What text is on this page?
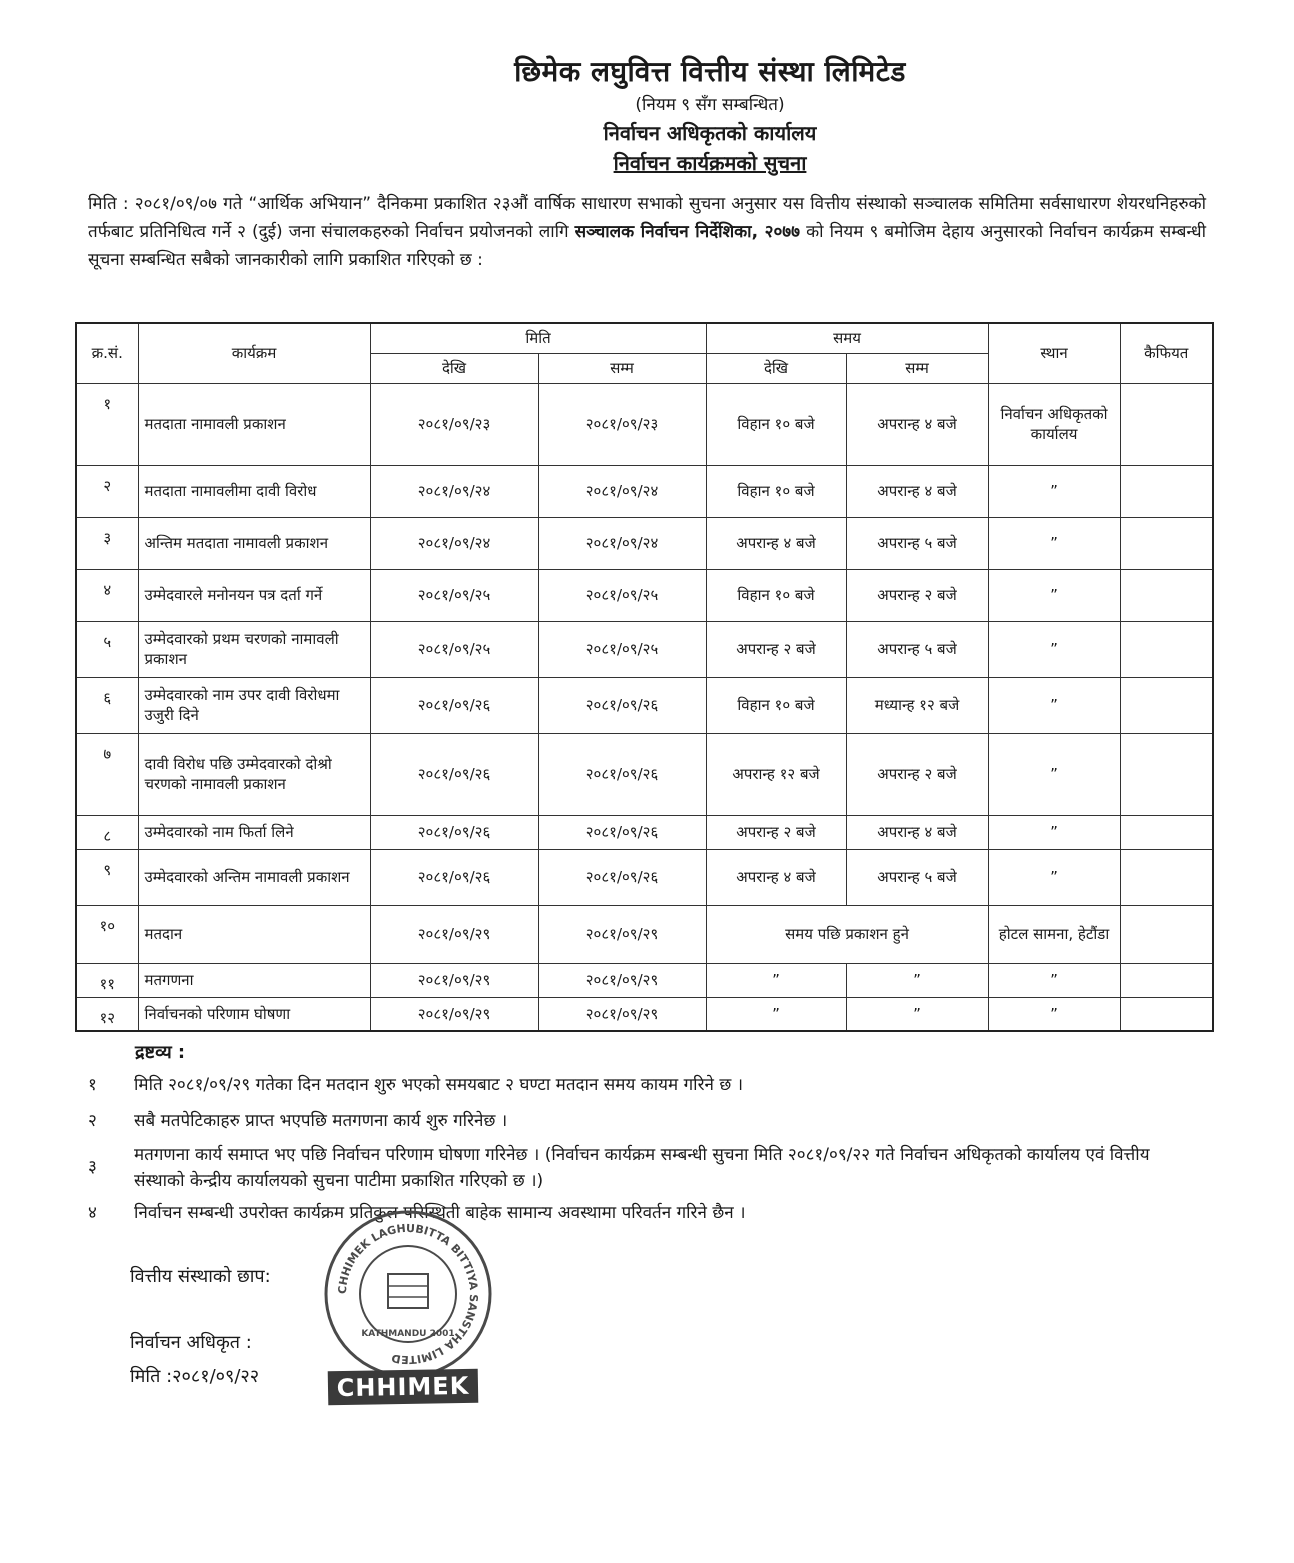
छिमेक लघुवित्त वित्तीय संस्था लिमिटेड
(नियम ९ सँग सम्बन्धित)
निर्वाचन अधिकृतको कार्यालय
निर्वाचन कार्यक्रमको सुचना
मिति : २०८१/०९/०७ गते “आर्थिक अभियान” दैनिकमा प्रकाशित २३औं वार्षिक साधारण सभाको सुचना अनुसार यस वित्तीय संस्थाको सञ्चालक समितिमा सर्वसाधारण शेयरधनिहरुको तर्फबाट प्रतिनिधित्व गर्ने २ (दुई) जना संचालकहरुको निर्वाचन प्रयोजनको लागि सञ्चालक निर्वाचन निर्देशिका, २०७७ को नियम ९ बमोजिम देहाय अनुसारको निर्वाचन कार्यक्रम सम्बन्धी सूचना सम्बन्धित सबैको जानकारीको लागि प्रकाशित गरिएको छ :
क्र.सं.	कार्यक्रम	मिति		समय		स्थान	कैफियत
		देखि	सम्म	देखि	सम्म		
१	मतदाता नामावली प्रकाशन	२०८१/०९/२३	२०८१/०९/२३	विहान १० बजे	अपरान्ह ४ बजे	निर्वाचन अधिकृतको कार्यालय	
२	मतदाता नामावलीमा दावी विरोध	२०८१/०९/२४	२०८१/०९/२४	विहान १० बजे	अपरान्ह ४ बजे	”	
३	अन्तिम मतदाता नामावली प्रकाशन	२०८१/०९/२४	२०८१/०९/२४	अपरान्ह ४ बजे	अपरान्ह ५ बजे	”	
४	उम्मेदवारले मनोनयन पत्र दर्ता गर्ने	२०८१/०९/२५	२०८१/०९/२५	विहान १० बजे	अपरान्ह २ बजे	”	
५	उम्मेदवारको प्रथम चरणको नामावली प्रकाशन	२०८१/०९/२५	२०८१/०९/२५	अपरान्ह २ बजे	अपरान्ह ५ बजे	”	
६	उम्मेदवारको नाम उपर दावी विरोधमा उजुरी दिने	२०८१/०९/२६	२०८१/०९/२६	विहान १० बजे	मध्यान्ह १२ बजे	”	
७	दावी विरोध पछि उम्मेदवारको दोश्रो चरणको नामावली प्रकाशन	२०८१/०९/२६	२०८१/०९/२६	अपरान्ह १२ बजे	अपरान्ह २ बजे	”	
८	उम्मेदवारको नाम फिर्ता लिने	२०८१/०९/२६	२०८१/०९/२६	अपरान्ह २ बजे	अपरान्ह ४ बजे	”	
९	उम्मेदवारको अन्तिम नामावली प्रकाशन	२०८१/०९/२६	२०८१/०९/२६	अपरान्ह ४ बजे	अपरान्ह ५ बजे	”	
१०	मतदान	२०८१/०९/२९	२०८१/०९/२९	समय पछि प्रकाशन हुने		होटल सामना, हेटौंडा	
११	मतगणना	२०८१/०९/२९	२०८१/०९/२९	”	”	”	
१२	निर्वाचनको परिणाम घोषणा	२०८१/०९/२९	२०८१/०९/२९	”	”	”	
द्रष्टव्य :
१	मिति २०८१/०९/२९ गतेका दिन मतदान शुरु भएको समयबाट २ घण्टा मतदान समय कायम गरिने छ ।
२	सबै मतपेटिकाहरु प्राप्त भएपछि मतगणना कार्य शुरु गरिनेछ ।
३
मतगणना कार्य समाप्त भए पछि निर्वाचन परिणाम घोषणा गरिनेछ । (निर्वाचन कार्यक्रम सम्बन्धी सुचना मिति २०८१/०९/२२ गते निर्वाचन अधिकृतको कार्यालय एवं वित्तीय संस्थाको केन्द्रीय कार्यालयको सुचना पाटीमा प्रकाशित गरिएको छ ।)
४	निर्वाचन सम्बन्धी उपरोक्त कार्यक्रम प्रतिकुल परिस्थिती बाहेक सामान्य अवस्थामा परिवर्तन गरिने छैन ।
वित्तीय संस्थाको छाप:
निर्वाचन अधिकृत :
मिति :२०८१/०९/२२
CHHIMEK LAGHUBITTA BITTIYA SANSTHA LIMITED
KATHMANDU 2001
CHHIMEK
